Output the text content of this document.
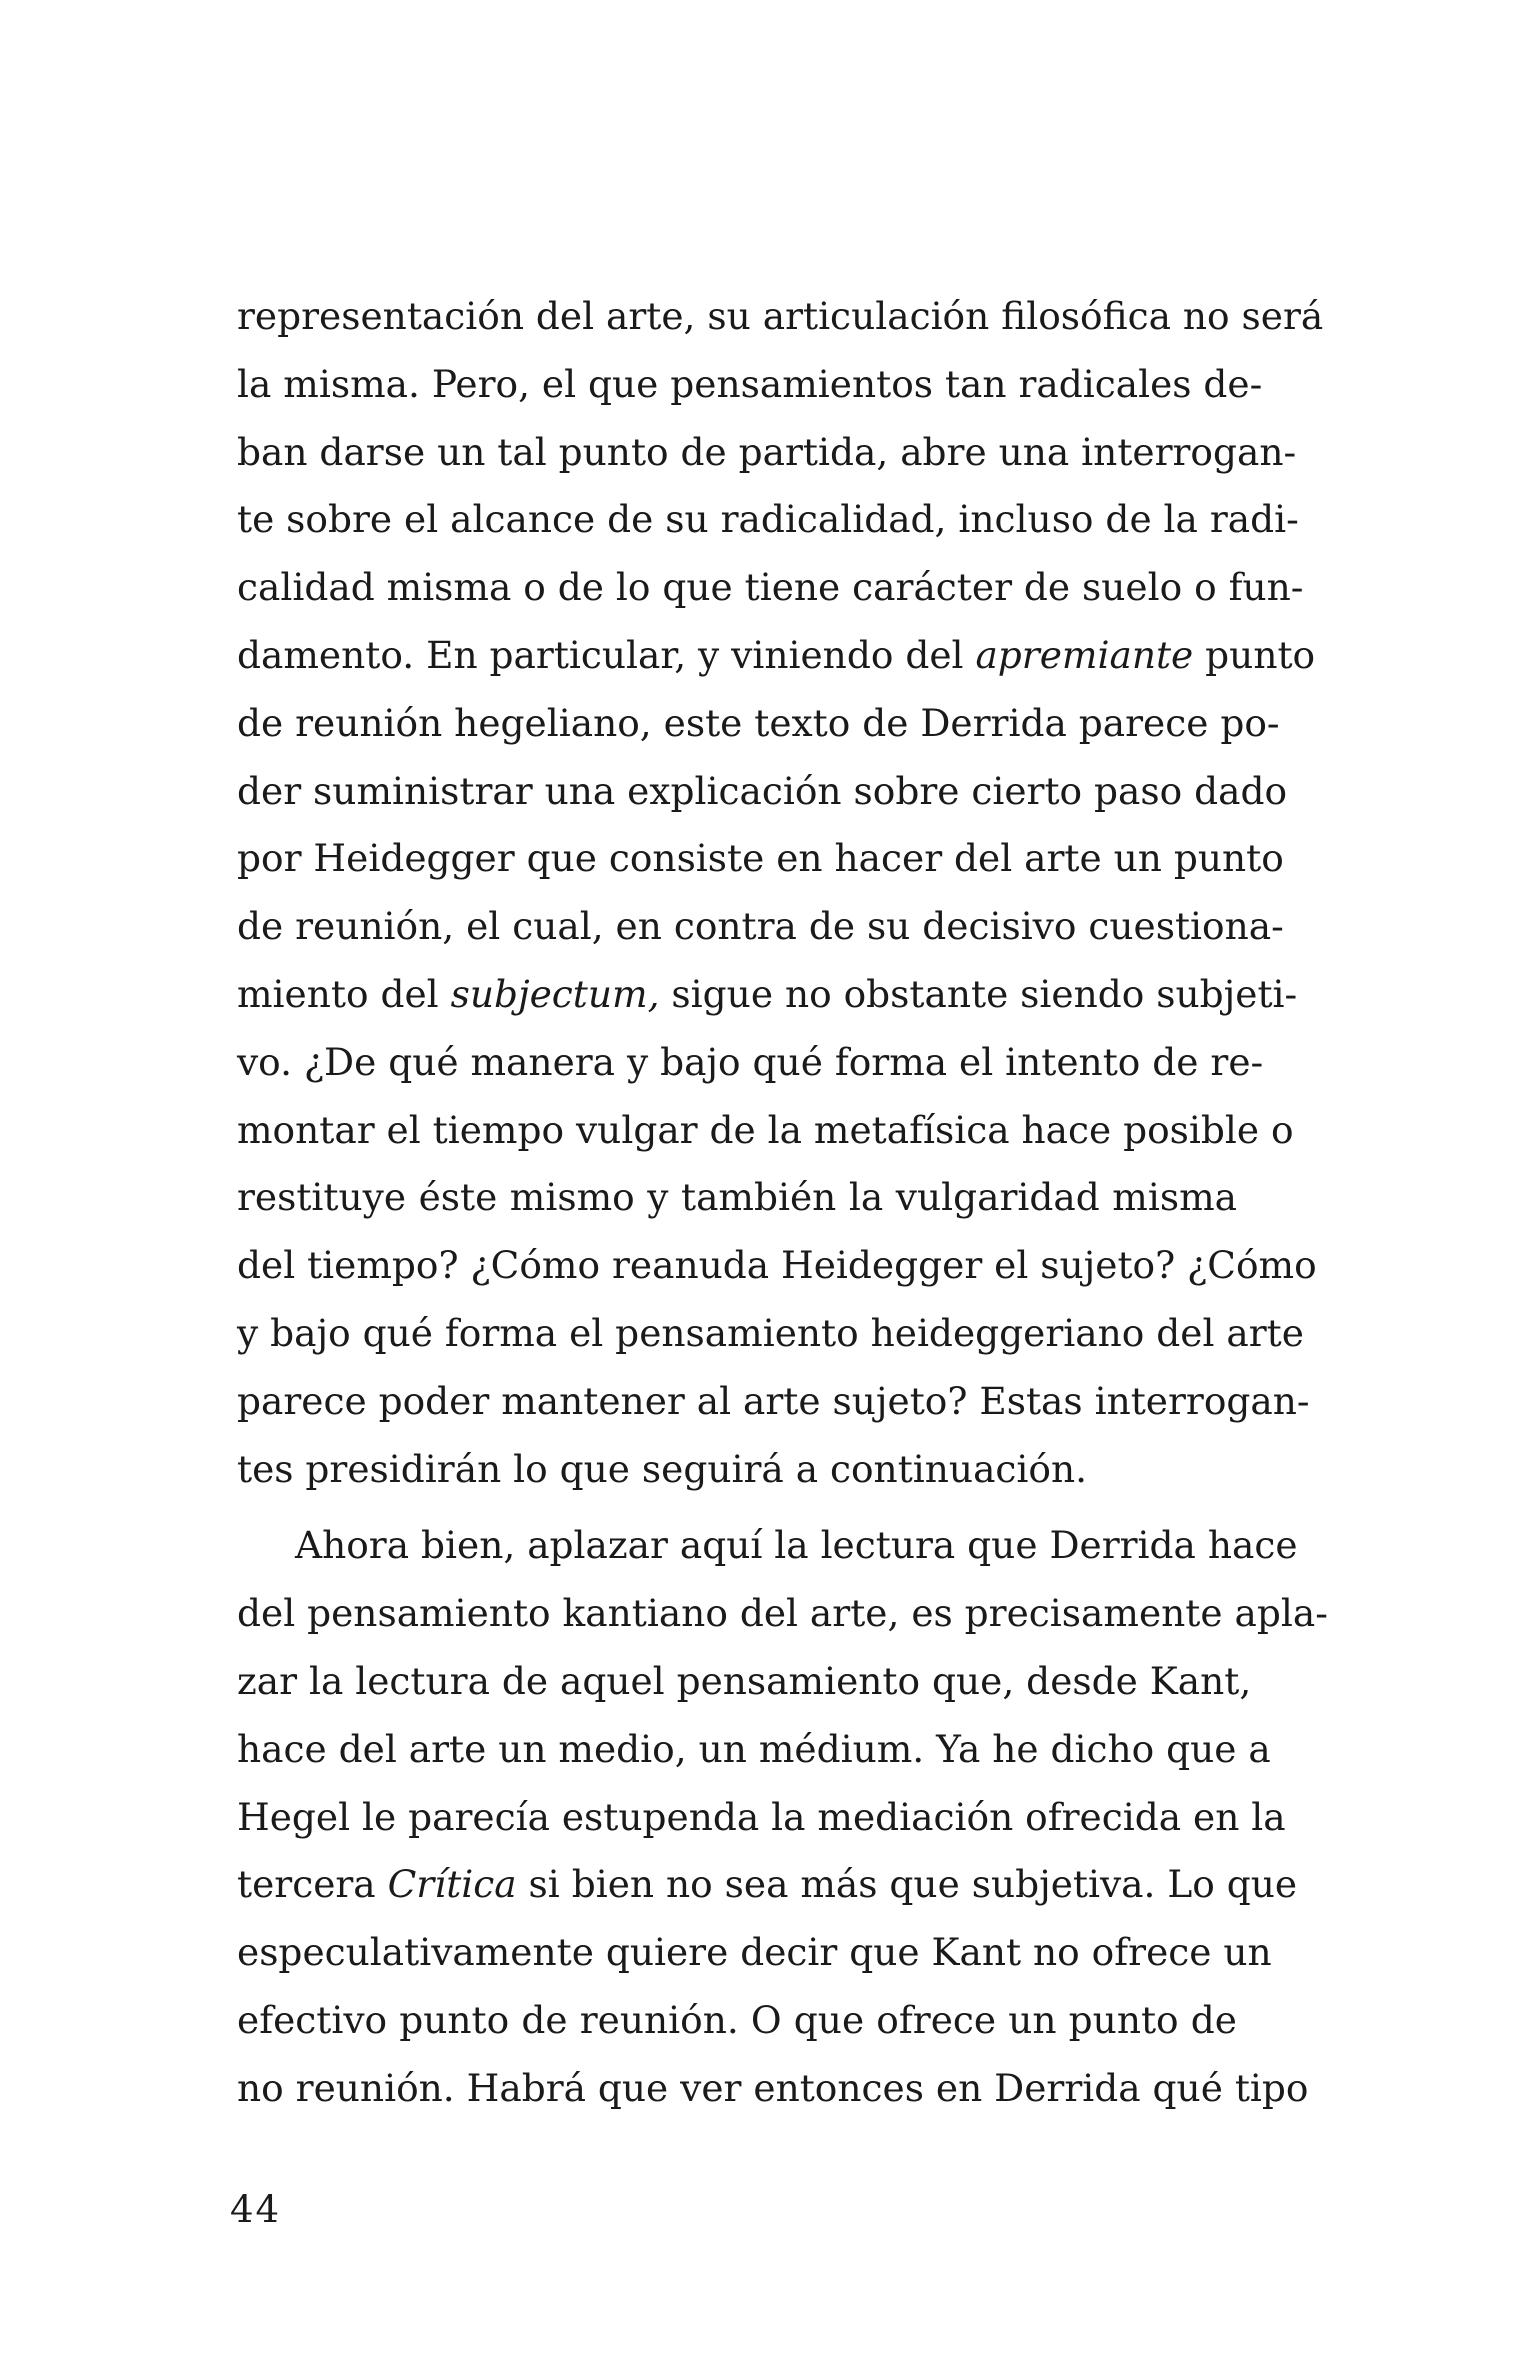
representación del arte, su articulación filosófica no será
la misma. Pero, el que pensamientos tan radicales de-
ban darse un tal punto de partida, abre una interrogan-
te sobre el alcance de su radicalidad, incluso de la radi-
calidad misma o de lo que tiene carácter de suelo o fun-
damento. En particular, y viniendo del apremiante punto
de reunión hegeliano, este texto de Derrida parece po-
der suministrar una explicación sobre cierto paso dado
por Heidegger que consiste en hacer del arte un punto
de reunión, el cual, en contra de su decisivo cuestiona-
miento del subjectum, sigue no obstante siendo subjeti-
vo. ¿De qué manera y bajo qué forma el intento de re-
montar el tiempo vulgar de la metafísica hace posible o
restituye éste mismo y también la vulgaridad misma
del tiempo? ¿Cómo reanuda Heidegger el sujeto? ¿Cómo
y bajo qué forma el pensamiento heideggeriano del arte
parece poder mantener al arte sujeto? Estas interrogan-
tes presidirán lo que seguirá a continuación.
Ahora bien, aplazar aquí la lectura que Derrida hace
del pensamiento kantiano del arte, es precisamente apla-
zar la lectura de aquel pensamiento que, desde Kant,
hace del arte un medio, un médium. Ya he dicho que a
Hegel le parecía estupenda la mediación ofrecida en la
tercera Crítica si bien no sea más que subjetiva. Lo que
especulativamente quiere decir que Kant no ofrece un
efectivo punto de reunión. O que ofrece un punto de
no reunión. Habrá que ver entonces en Derrida qué tipo
44
